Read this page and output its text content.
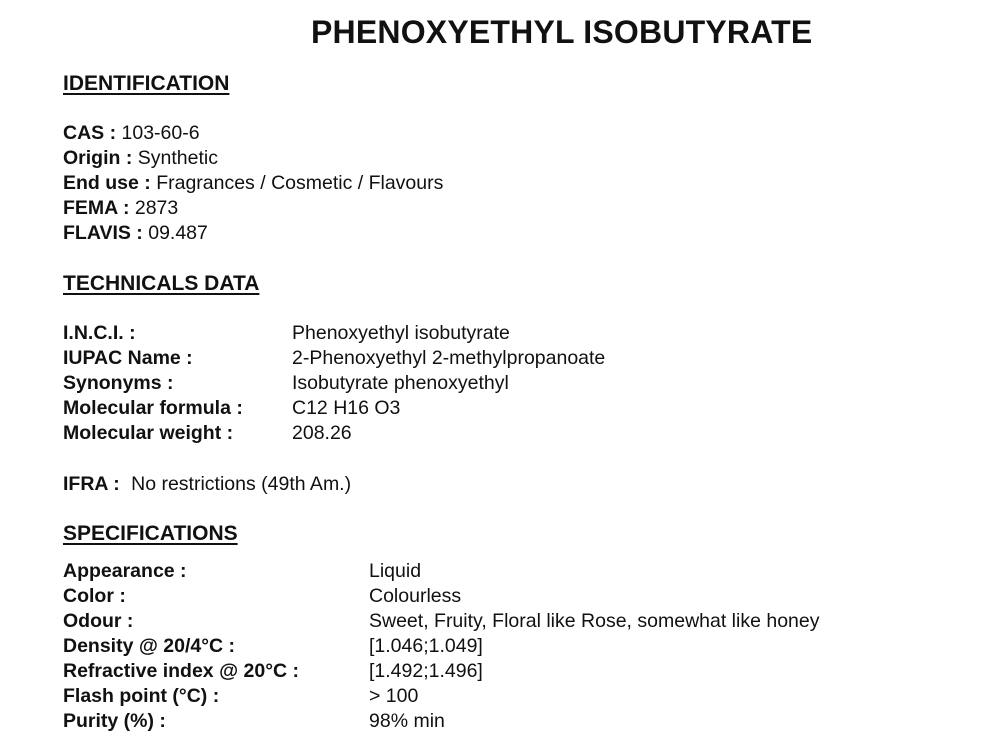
PHENOXYETHYL ISOBUTYRATE
IDENTIFICATION
CAS : 103-60-6
Origin : Synthetic
End use : Fragrances / Cosmetic / Flavours
FEMA : 2873
FLAVIS : 09.487
TECHNICALS DATA
I.N.C.I. :	Phenoxyethyl isobutyrate
IUPAC Name :	2-Phenoxyethyl 2-methylpropanoate
Synonyms :	Isobutyrate phenoxyethyl
Molecular formula :	C12 H16 O3
Molecular weight :	208.26
IFRA : No restrictions (49th Am.)
SPECIFICATIONS
Appearance :	Liquid
Color :	Colourless
Odour :	Sweet, Fruity, Floral like Rose, somewhat like honey
Density @ 20/4°C :	[1.046;1.049]
Refractive index @ 20°C :	[1.492;1.496]
Flash point (°C) :	> 100
Purity (%) :	98% min
